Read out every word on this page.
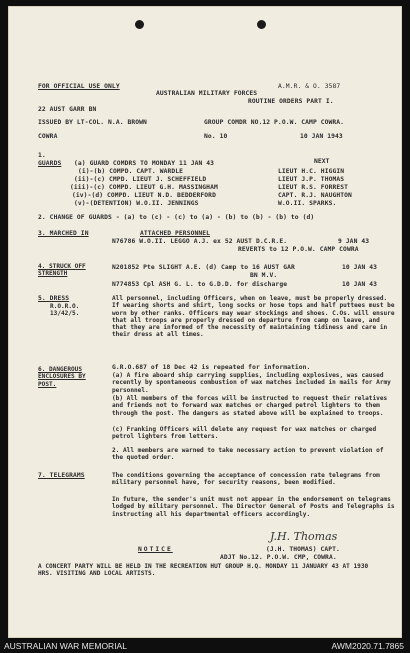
FOR OFFICIAL USE ONLY	A.M.R. & O. 3587
AUSTRALIAN MILITARY FORCES
ROUTINE ORDERS PART I.
22 AUST GARR BN
ISSUED BY LT-COL. N.A. BROWN	GROUP COMDR NO.12 P.O.W. CAMP COWRA.
COWRA	No. 10	10 JAN 1943
1.
GUARDS (a) GUARD COMDRS TO MONDAY 11 JAN 43	NEXT
(i)-(b) COMPD. CAPT. WARDLE	LIEUT H.C. HIGGIN
(ii)-(c) CMPD. LIEUT J. SCHEFFIELD	LIEUT J.P. THOMAS
(iii)-(c) COMPD. LIEUT G.H. MASSINGHAM	LIEUT R.S. FORREST
(iv)-(d) COMPD. LIEUT N.D. BEDDERFORD	CAPT. R.J. NAUGHTON
(v)-(DETENTION) W.O.II. JENNINGS	W.O.II. SPARKS.
2. CHANGE OF GUARDS - (a) to (c) - (c) to (a) - (b) to (b) - (b) to (d)
3. MARCHED IN	ATTACHED PERSONNEL
N76786 W.O.II. LEGGO A.J. ex 52 AUST D.C.R.E.	9 JAN 43
REVERTS to 12 P.O.W. CAMP COWRA
4. STRUCK OFF STRENGTH
N201852 Pte SLIGHT A.E. (d) Camp to 16 AUST GAR	10 JAN 43
BN M.V.
N774853 Cpl ASH G. L. to G.D.D. for discharge	10 JAN 43
5. DRESS
R.O.R.O. 13/42/5.
All personnel, including Officers, when on leave, must be properly dressed. If wearing shorts and shirt, long socks or hose tops and half puttees must be worn by other ranks. Officers may wear stockings and shoes. C.Os. will ensure that all troops are properly dressed on departure from camp on leave, and that they are informed of the necessity of maintaining tidiness and care in their dress at all times.
6. DANGEROUS ENCLOSURES BY POST.
G.R.O.687 of 18 Dec 42 is repeated for information.
(a) A fire aboard ship carrying supplies, including explosives, was caused recently by spontaneous combustion of wax matches included in mails for Army personnel.
(b) All members of the forces will be instructed to request their relatives and friends not to forward wax matches or charged petrol lighters to them through the post. The dangers as stated above will be explained to troops.
(c) Franking Officers will delete any request for wax matches or charged petrol lighters from letters.
2. All members are warned to take necessary action to prevent violation of the quoted order.
7. TELEGRAMS	The conditions governing the acceptance of concession rate telegrams from military personnel have, for security reasons, been modified.
In future, the sender's unit must not appear in the endorsement on telegrams lodged by military personnel. The Director General of Posts and Telegraphs is instructing all his departmental officers accordingly.
J.H. Thomas
(J.H. THOMAS) CAPT.
ADJT No.12. P.O.W. CMP, COWRA.
NOTICE
A CONCERT PARTY WILL BE HELD IN THE RECREATION HUT GROUP H.Q. MONDAY 11 JANUARY 43 AT 1930 HRS. VISITING AND LOCAL ARTISTS.
AUSTRALIAN WAR MEMORIAL	AWM2020.71.7865
